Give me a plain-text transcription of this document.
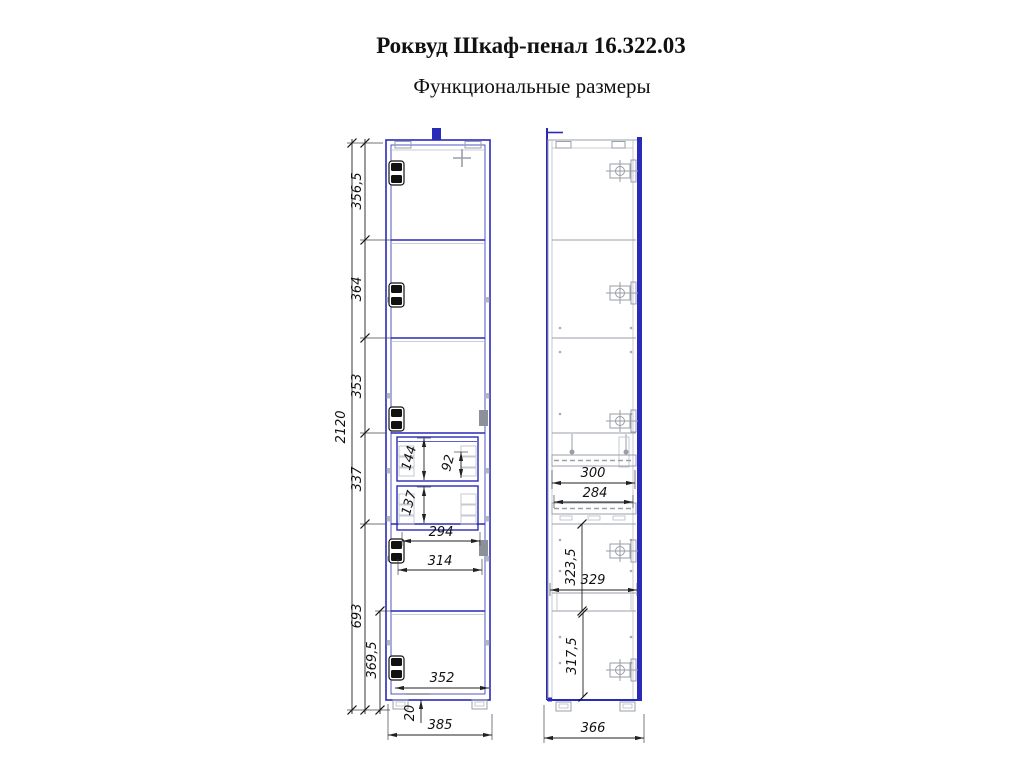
Роквуд Шкаф-пенал 16.322.03
Функциональные размеры
2120
356,5
364
353
337
693
369,5
144 92
137
294
314
352
20
385
300
284
323,5 329
317,5
366
